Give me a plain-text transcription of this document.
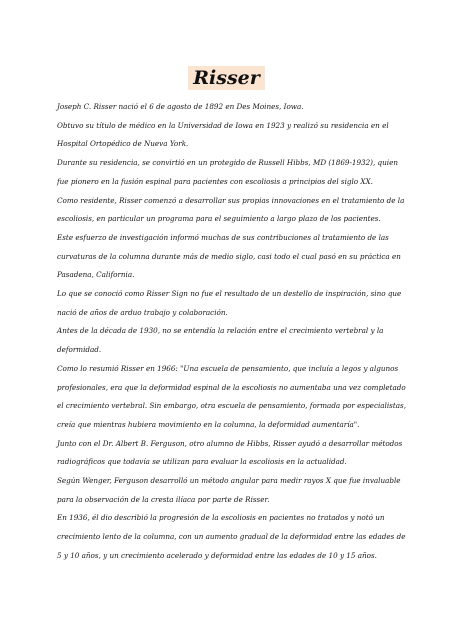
Risser

Joseph C. Risser nació el 6 de agosto de 1892 en Des Moines, Iowa.

Obtuvo su título de médico en la Universidad de Iowa en 1923 y realizó su residencia en el Hospital Ortopédico de Nueva York.

Durante su residencia, se convirtió en un protegido de Russell Hibbs, MD (1869-1932), quien fue pionero en la fusión espinal para pacientes con escoliosis a principios del siglo XX.

Como residente, Risser comenzó a desarrollar sus propias innovaciones en el tratamiento de la escoliosis, en particular un programa para el seguimiento a largo plazo de los pacientes.

Este esfuerzo de investigación informó muchas de sus contribuciones al tratamiento de las curvaturas de la columna durante más de medio siglo, casi todo el cual pasó en su práctica en Pasadena, California.

Lo que se conoció como Risser Sign no fue el resultado de un destello de inspiración, sino que nació de años de arduo trabajo y colaboración.

Antes de la década de 1930, no se entendía la relación entre el crecimiento vertebral y la deformidad.

Como lo resumió Risser en 1966: "Una escuela de pensamiento, que incluía a legos y algunos profesionales, era que la deformidad espinal de la escoliosis no aumentaba una vez completado el crecimiento vertebral. Sin embargo, otra escuela de pensamiento, formada por especialistas, creía que mientras hubiera movimiento en la columna, la deformidad aumentaría".

Junto con el Dr. Albert B. Ferguson, otro alumno de Hibbs, Risser ayudó a desarrollar métodos radiográficos que todavía se utilizan para evaluar la escoliosis en la actualidad.

Según Wenger, Ferguson desarrolló un método angular para medir rayos X que fue invaluable para la observación de la cresta ilíaca por parte de Risser.

En 1936, él dio describió la progresión de la escoliosis en pacientes no tratados y notó un crecimiento lento de la columna, con un aumento gradual de la deformidad entre las edades de 5 y 10 años, y un crecimiento acelerado y deformidad entre las edades de 10 y 15 años.
